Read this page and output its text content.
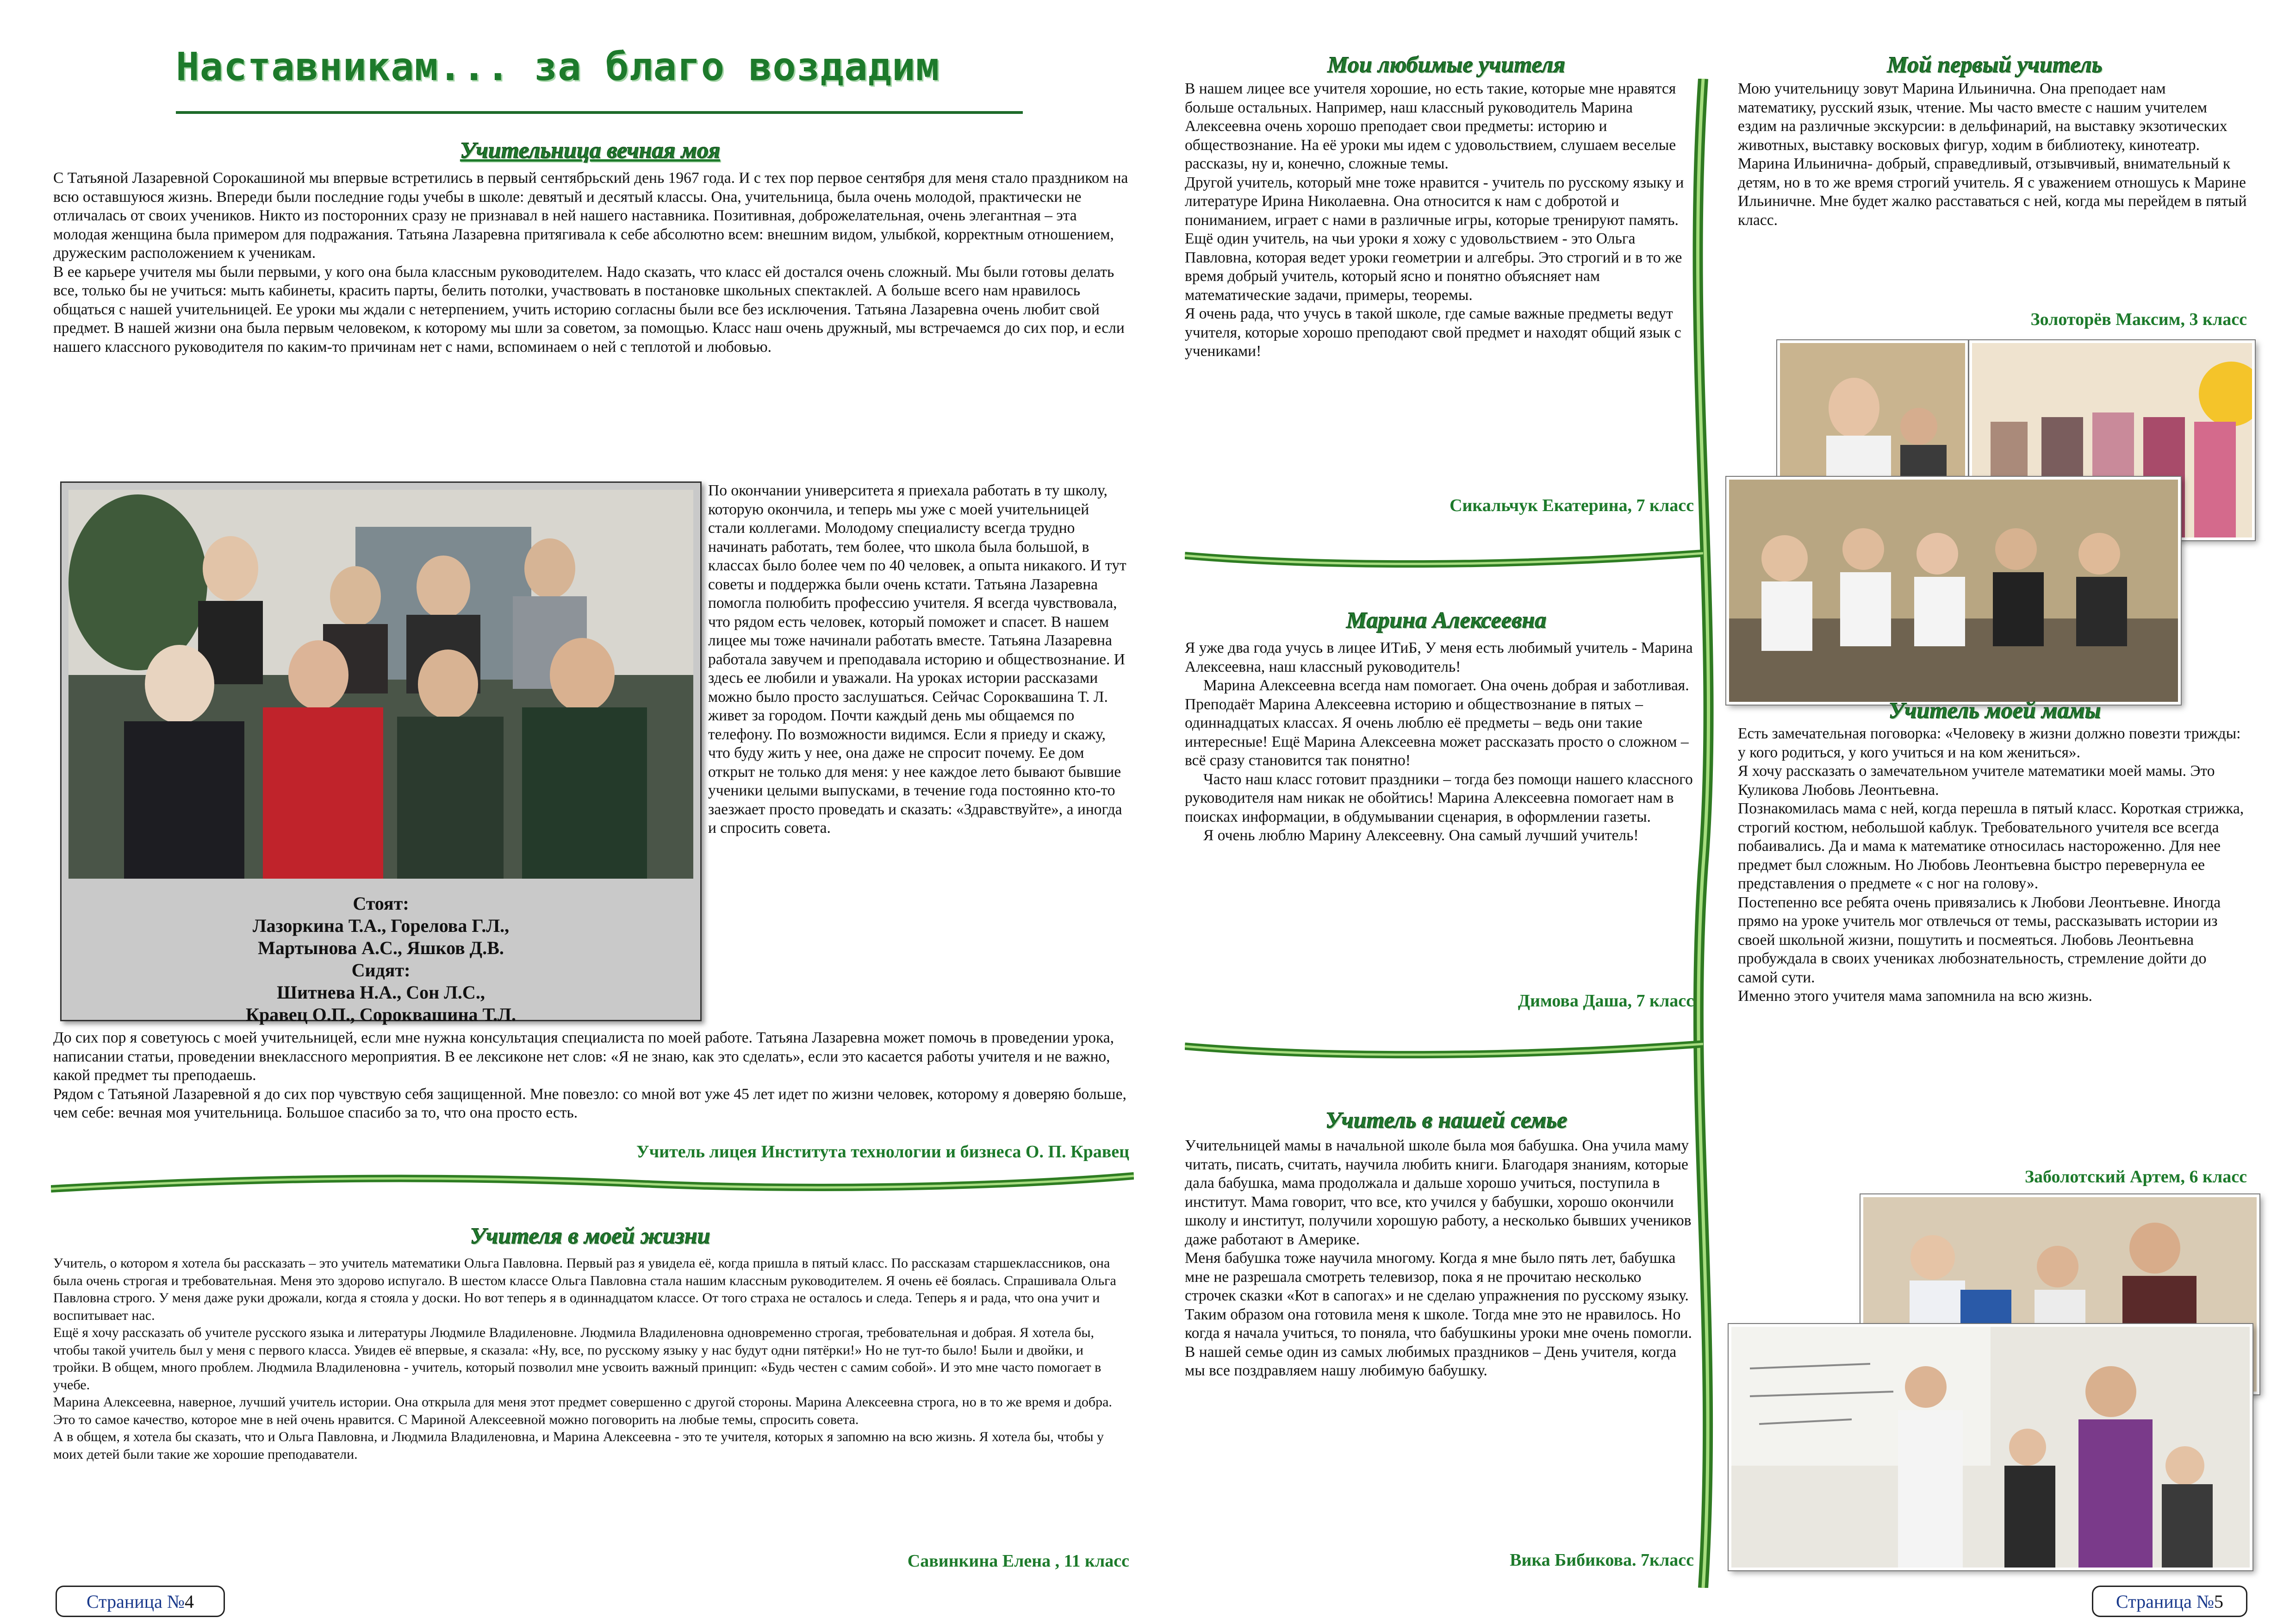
Наставникам... за благо воздадим
Учительница вечная моя

С Татьяной Лазаревной Сорокашиной мы впервые встретились в первый сентябрьский день 1967 года. И с тех пор первое сентября для меня стало праздником на всю оставшуюся жизнь. Впереди были последние годы учебы в школе: девятый и десятый классы. Она, учительница, была очень молодой, практически не отличалась от своих учеников. Никто из посторонних сразу не признавал в ней нашего наставника. Позитивная, доброжелательная, очень элегантная – эта молодая женщина была примером для подражания. Татьяна Лазаревна притягивала к себе абсолютно всем: внешним видом, улыбкой, корректным отношением, дружеским расположением к ученикам.

В ее карьере учителя мы были первыми, у кого она была классным руководителем. Надо сказать, что класс ей достался очень сложный. Мы были готовы делать все, только бы не учиться: мыть кабинеты, красить парты, белить потолки, участвовать в постановке школьных спектаклей. А больше всего нам нравилось общаться с нашей учительницей. Ее уроки мы ждали с нетерпением, учить историю согласны были все без исключения. Татьяна Лазаревна очень любит свой предмет. В нашей жизни она была первым человеком, к которому мы шли за советом, за помощью. Класс наш очень дружный, мы встречаемся до сих пор, и если нашего классного руководителя по каким-то причинам нет с нами, вспоминаем о ней с теплотой и любовью.

Стоят:
Лазоркина Т.А., Горелова Г.Л.,
Мартынова А.С., Яшков Д.В.
Сидят:
Шитнева Н.А., Сон Л.С.,
Кравец О.П., Сороквашина Т.Л.

По окончании университета я приехала работать в ту школу, которую окончила, и теперь мы уже с моей учительницей стали коллегами. Молодому специалисту всегда трудно начинать работать, тем более, что школа была большой, в классах было более чем по 40 человек, а опыта никакого. И тут советы и поддержка были очень кстати. Татьяна Лазаревна помогла полюбить профессию учителя. Я всегда чувствовала, что рядом есть человек, который поможет и спасет. В нашем лицее мы тоже начинали работать вместе. Татьяна Лазаревна работала завучем и преподавала историю и обществознание. И здесь ее любили и уважали. На уроках истории рассказами можно было просто заслушаться. Сейчас Сороквашина Т. Л. живет за городом. Почти каждый день мы общаемся по телефону. По возможности видимся. Если я приеду и скажу, что буду жить у нее, она даже не спросит почему. Ее дом открыт не только для меня: у нее каждое лето бывают бывшие ученики целыми выпусками, в течение года постоянно кто-то заезжает просто проведать и сказать: «Здравствуйте», а иногда и спросить совета.

До сих пор я советуюсь с моей учительницей, если мне нужна консультация специалиста по моей работе. Татьяна Лазаревна может помочь в проведении урока, написании статьи, проведении внеклассного мероприятия. В ее лексиконе нет слов: «Я не знаю, как это сделать», если это касается работы учителя и не важно, какой предмет ты преподаешь.

Рядом с Татьяной Лазаревной я до сих пор чувствую себя защищенной. Мне повезло: со мной вот уже 45 лет идет по жизни человек, которому я доверяю больше, чем себе: вечная моя учительница. Большое спасибо за то, что она просто есть.

Учитель лицея Института технологии и бизнеса О. П. Кравец
Учителя в моей жизни

Учитель, о котором я хотела бы рассказать – это учитель математики Ольга Павловна. Первый раз я увидела её, когда пришла в пятый класс. По рассказам старшеклассников, она была очень строгая и требовательная. Меня это здорово испугало. В шестом классе Ольга Павловна стала нашим классным руководителем. Я очень её боялась. Спрашивала Ольга Павловна строго. У меня даже руки дрожали, когда я стояла у доски. Но вот теперь я в одиннадцатом классе. От того страха не осталось и следа. Теперь я и рада, что она учит и воспитывает нас.

Ещё я хочу рассказать об учителе русского языка и литературы Людмиле Владиленовне. Людмила Владиленовна одновременно строгая, требовательная и добрая. Я хотела бы, чтобы такой учитель был у меня с первого класса. Увидев её впервые, я сказала: «Ну, все, по русскому языку у нас будут одни пятёрки!» Но не тут-то было! Были и двойки, и тройки. В общем, много проблем. Людмила Владиленовна - учитель, который позволил мне усвоить важный принцип: «Будь честен с самим собой». И это мне часто помогает в учебе.

Марина Алексеевна, наверное, лучший учитель истории. Она открыла для меня этот предмет совершенно с другой стороны. Марина Алексеевна строга, но в то же время и добра. Это то самое качество, которое мне в ней очень нравится. С Мариной Алексеевной можно поговорить на любые темы, спросить совета.

А в общем, я хотела бы сказать, что и Ольга Павловна, и Людмила Владиленовна, и Марина Алексеевна - это те учителя, которых я запомню на всю жизнь. Я хотела бы, чтобы у моих детей были такие же хорошие преподаватели.

Савинкина Елена , 11 класс
Страница № 4
Мои любимые учителя

В нашем лицее все учителя хорошие, но есть такие, которые мне нравятся больше остальных. Например, наш классный руководитель Марина Алексеевна очень хорошо преподает свои предметы: историю и обществознание. На её уроки мы идем с удовольствием, слушаем веселые рассказы, ну и, конечно, сложные темы.

Другой учитель, который мне тоже нравится - учитель по русскому языку и литературе Ирина Николаевна. Она относится к нам с добротой и пониманием, играет с нами в различные игры, которые тренируют память.

Ещё один учитель, на чьи уроки я хожу с удовольствием - это Ольга Павловна, которая ведет уроки геометрии и алгебры. Это строгий и в то же время добрый учитель, который ясно и понятно объясняет нам математические задачи, примеры, теоремы.

Я очень рада, что учусь в такой школе, где самые важные предметы ведут учителя, которые хорошо преподают свой предмет и находят общий язык с учениками!

Сикальчук Екатерина, 7 класс
Марина Алексеевна

Я уже два года учусь в лицее ИТиБ, У меня есть любимый учитель - Марина Алексеевна, наш классный руководитель!

Марина Алексеевна всегда нам помогает. Она очень добрая и заботливая. Преподаёт Марина Алексеевна историю и обществознание в пятых – одиннадцатых классах. Я очень люблю её предметы – ведь они такие интересные! Ещё Марина Алексеевна может рассказать просто о сложном – всё сразу становится так понятно!

Часто наш класс готовит праздники – тогда без помощи нашего классного руководителя нам никак не обойтись! Марина Алексеевна помогает нам в поисках информации, в обдумывании сценария, в оформлении газеты.

Я очень люблю Марину Алексеевну. Она самый лучший учитель!

Димова Даша, 7 класс
Учитель в нашей семье

Учительницей мамы в начальной школе была моя бабушка. Она учила маму читать, писать, считать, научила любить книги. Благодаря знаниям, которые дала бабушка, мама продолжала и дальше хорошо учиться, поступила в институт. Мама говорит, что все, кто учился у бабушки, хорошо окончили школу и институт, получили хорошую работу, а несколько бывших учеников даже работают в Америке.

Меня бабушка тоже научила многому. Когда я мне было пять лет, бабушка мне не разрешала смотреть телевизор, пока я не прочитаю несколько строчек сказки «Кот в сапогах» и не сделаю упражнения по русскому языку. Таким образом она готовила меня к школе. Тогда мне это не нравилось. Но когда я начала учиться, то поняла, что бабушкины уроки мне очень помогли.

В нашей семье один из самых любимых праздников – День учителя, когда мы все поздравляем нашу любимую бабушку.

Вика Бибикова. 7класс
Мой первый учитель

Мою учительницу зовут Марина Ильинична. Она преподает нам математику, русский язык, чтение. Мы часто вместе с нашим учителем ездим на различные экскурсии: в дельфинарий, на выставку экзотических животных, выставку восковых фигур, ходим в библиотеку, кинотеатр. Марина Ильинична- добрый, справедливый, отзывчивый, внимательный к детям, но в то же время строгий учитель. Я с уважением отношусь к Марине Ильиничне. Мне будет жалко расставаться с ней, когда мы перейдем в пятый класс.

Золоторёв Максим, 3 класс
Учитель моей мамы

Есть замечательная поговорка: «Человеку в жизни должно повезти трижды: у кого родиться, у кого учиться и на ком жениться».

Я хочу рассказать о замечательном учителе математики моей мамы. Это Куликова Любовь Леонтьевна.

Познакомилась мама с ней, когда перешла в пятый класс. Короткая стрижка, строгий костюм, небольшой каблук. Требовательного учителя все всегда побаивались. Да и мама к математике относилась настороженно. Для нее предмет был сложным. Но Любовь Леонтьевна быстро перевернула ее представления о предмете « с ног на голову».

Постепенно все ребята очень привязались к Любови Леонтьевне. Иногда прямо на уроке учитель мог отвлечься от темы, рассказывать истории из своей школьной жизни, пошутить и посмеяться. Любовь Леонтьевна пробуждала в своих учениках любознательность, стремление дойти до самой сути.

Именно этого учителя мама запомнила на всю жизнь.

Заболотский Артем, 6 класс
Страница № 5
